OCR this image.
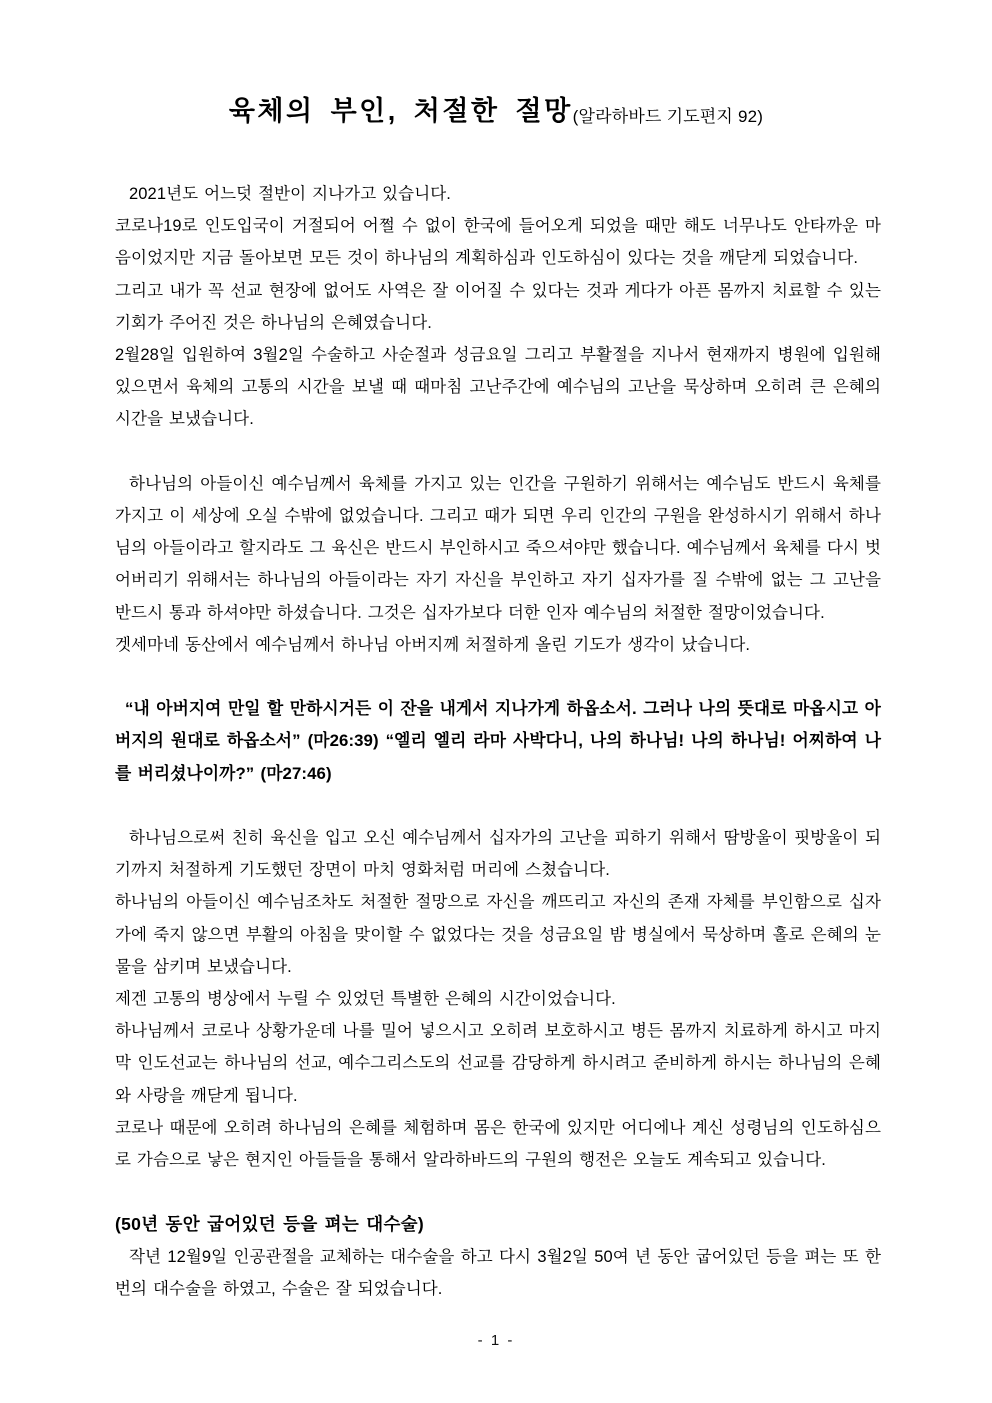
육체의 부인, 처절한 절망(알라하바드 기도편지 92)

2021년도 어느덧 절반이 지나가고 있습니다.

코로나19로 인도입국이 거절되어 어쩔 수 없이 한국에 들어오게 되었을 때만 해도 너무나도 안타까운 마음이었지만 지금 돌아보면 모든 것이 하나님의 계획하심과 인도하심이 있다는 것을 깨닫게 되었습니다.

그리고 내가 꼭 선교 현장에 없어도 사역은 잘 이어질 수 있다는 것과 게다가 아픈 몸까지 치료할 수 있는 기회가 주어진 것은 하나님의 은혜였습니다.

2월28일 입원하여 3월2일 수술하고 사순절과 성금요일 그리고 부활절을 지나서 현재까지 병원에 입원해 있으면서 육체의 고통의 시간을 보낼 때 때마침 고난주간에 예수님의 고난을 묵상하며 오히려 큰 은혜의 시간을 보냈습니다.

하나님의 아들이신 예수님께서 육체를 가지고 있는 인간을 구원하기 위해서는 예수님도 반드시 육체를 가지고 이 세상에 오실 수밖에 없었습니다. 그리고 때가 되면 우리 인간의 구원을 완성하시기 위해서 하나님의 아들이라고 할지라도 그 육신은 반드시 부인하시고 죽으셔야만 했습니다. 예수님께서 육체를 다시 벗어버리기 위해서는 하나님의 아들이라는 자기 자신을 부인하고 자기 십자가를 질 수밖에 없는 그 고난을 반드시 통과 하셔야만 하셨습니다. 그것은 십자가보다 더한 인자 예수님의 처절한 절망이었습니다.

겟세마네 동산에서 예수님께서 하나님 아버지께 처절하게 올린 기도가 생각이 났습니다.

“내 아버지여 만일 할 만하시거든 이 잔을 내게서 지나가게 하옵소서. 그러나 나의 뜻대로 마옵시고 아버지의 원대로 하옵소서” (마26:39) “엘리 엘리 라마 사박다니, 나의 하나님! 나의 하나님! 어찌하여 나를 버리셨나이까?” (마27:46)

하나님으로써 친히 육신을 입고 오신 예수님께서 십자가의 고난을 피하기 위해서 땀방울이 핏방울이 되기까지 처절하게 기도했던 장면이 마치 영화처럼 머리에 스쳤습니다.

하나님의 아들이신 예수님조차도 처절한 절망으로 자신을 깨뜨리고 자신의 존재 자체를 부인함으로 십자가에 죽지 않으면 부활의 아침을 맞이할 수 없었다는 것을 성금요일 밤 병실에서 묵상하며 홀로 은혜의 눈물을 삼키며 보냈습니다.

제겐 고통의 병상에서 누릴 수 있었던 특별한 은혜의 시간이었습니다.

하나님께서 코로나 상황가운데 나를 밀어 넣으시고 오히려 보호하시고 병든 몸까지 치료하게 하시고 마지막 인도선교는 하나님의 선교, 예수그리스도의 선교를 감당하게 하시려고 준비하게 하시는 하나님의 은혜와 사랑을 깨닫게 됩니다.

코로나 때문에 오히려 하나님의 은혜를 체험하며 몸은 한국에 있지만 어디에나 계신 성령님의 인도하심으로 가슴으로 낳은 현지인 아들들을 통해서 알라하바드의 구원의 행전은 오늘도 계속되고 있습니다.

(50년 동안 굽어있던 등을 펴는 대수술)

작년 12월9일 인공관절을 교체하는 대수술을 하고 다시 3월2일 50여 년 동안 굽어있던 등을 펴는 또 한 번의 대수술을 하였고, 수술은 잘 되었습니다.

- 1 -
